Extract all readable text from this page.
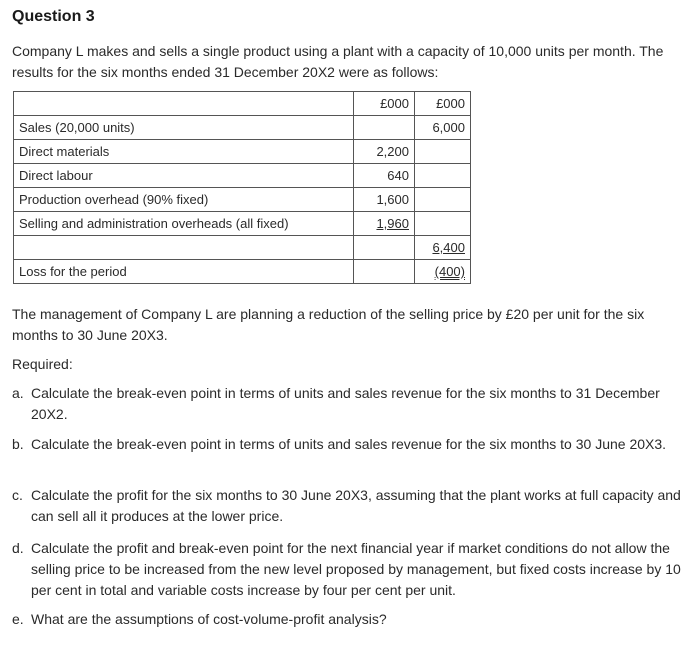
Question 3
Company L makes and sells a single product using a plant with a capacity of 10,000 units per month. The results for the six months ended 31 December 20X2 were as follows:
	£000	£000
Sales (20,000 units)		6,000
Direct materials	2,200	
Direct labour	640	
Production overhead (90% fixed)	1,600	
Selling and administration overheads (all fixed)	1,960	
		6,400
Loss for the period		(400)
The management of Company L are planning a reduction of the selling price by £20 per unit for the six months to 30 June 20X3.
Required:
a. Calculate the break-even point in terms of units and sales revenue for the six months to 31 December 20X2.
b. Calculate the break-even point in terms of units and sales revenue for the six months to 30 June 20X3.
c. Calculate the profit for the six months to 30 June 20X3, assuming that the plant works at full capacity and can sell all it produces at the lower price.
d. Calculate the profit and break-even point for the next financial year if market conditions do not allow the selling price to be increased from the new level proposed by management, but fixed costs increase by 10 per cent in total and variable costs increase by four per cent per unit.
e. What are the assumptions of cost-volume-profit analysis?
